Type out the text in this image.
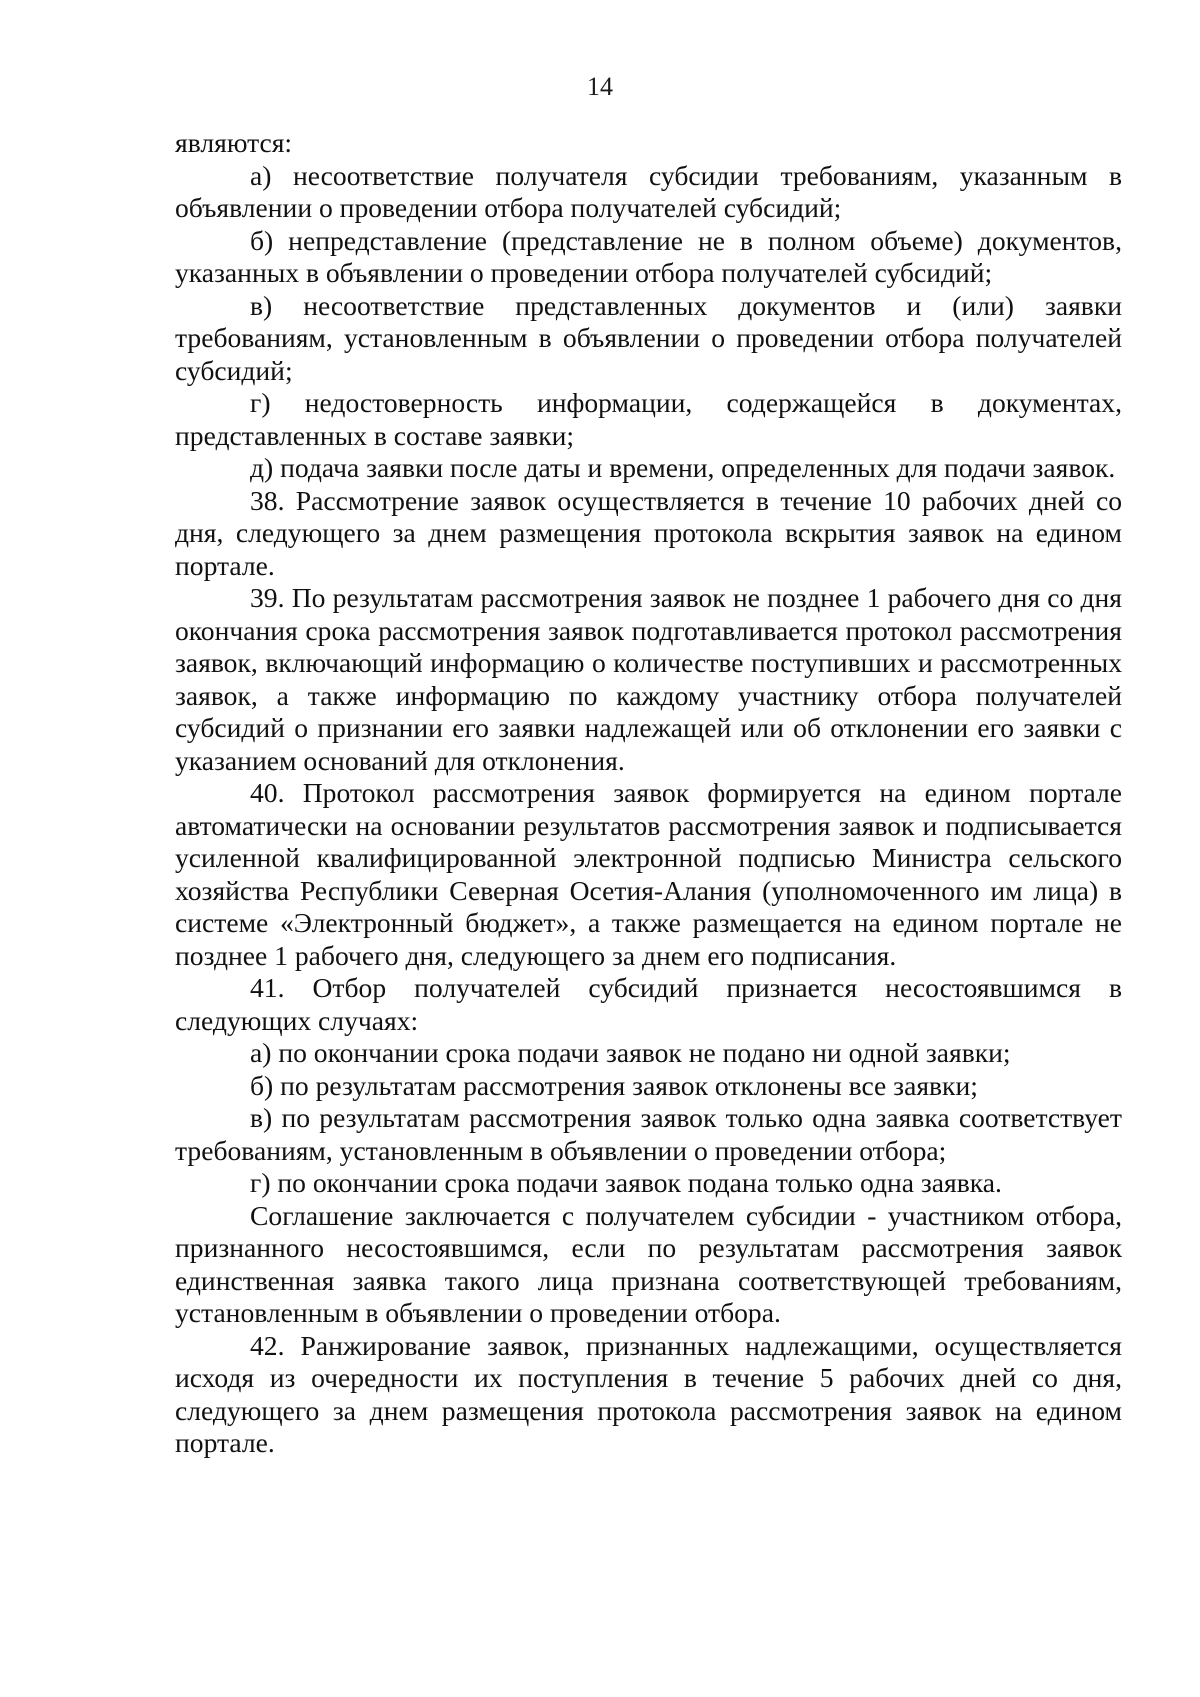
14

являются:

а) несоответствие получателя субсидии требованиям, указанным в объявлении о проведении отбора получателей субсидий;

б) непредставление (представление не в полном объеме) документов, указанных в объявлении о проведении отбора получателей субсидий;

в) несоответствие представленных документов и (или) заявки требованиям, установленным в объявлении о проведении отбора получателей субсидий;

г) недостоверность информации, содержащейся в документах, представленных в составе заявки;

д) подача заявки после даты и времени, определенных для подачи заявок.

38. Рассмотрение заявок осуществляется в течение 10 рабочих дней со дня, следующего за днем размещения протокола вскрытия заявок на едином портале.

39. По результатам рассмотрения заявок не позднее 1 рабочего дня со дня окончания срока рассмотрения заявок подготавливается протокол рассмотрения заявок, включающий информацию о количестве поступивших и рассмотренных заявок, а также информацию по каждому участнику отбора получателей субсидий о признании его заявки надлежащей или об отклонении его заявки с указанием оснований для отклонения.

40. Протокол рассмотрения заявок формируется на едином портале автоматически на основании результатов рассмотрения заявок и подписывается усиленной квалифицированной электронной подписью Министра сельского хозяйства Республики Северная Осетия-Алания (уполномоченного им лица) в системе «Электронный бюджет», а также размещается на едином портале не позднее 1 рабочего дня, следующего за днем его подписания.

41. Отбор получателей субсидий признается несостоявшимся в следующих случаях:

а) по окончании срока подачи заявок не подано ни одной заявки;

б) по результатам рассмотрения заявок отклонены все заявки;

в) по результатам рассмотрения заявок только одна заявка соответствует требованиям, установленным в объявлении о проведении отбора;

г) по окончании срока подачи заявок подана только одна заявка.

Соглашение заключается с получателем субсидии - участником отбора, признанного несостоявшимся, если по результатам рассмотрения заявок единственная заявка такого лица признана соответствующей требованиям, установленным в объявлении о проведении отбора.

42. Ранжирование заявок, признанных надлежащими, осуществляется исходя из очередности их поступления в течение 5 рабочих дней со дня, следующего за днем размещения протокола рассмотрения заявок на едином портале.
